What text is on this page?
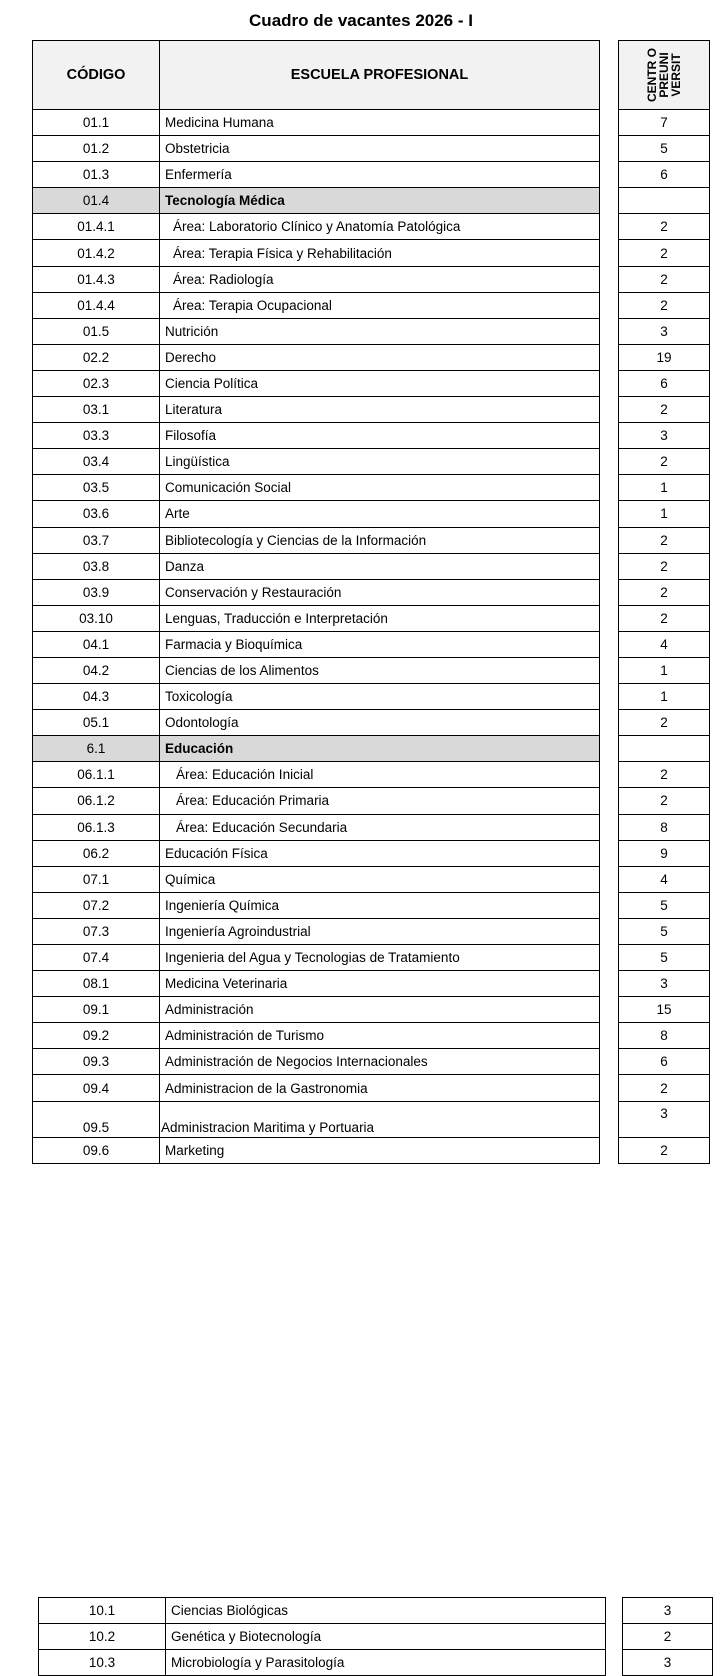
Cuadro de vacantes 2026 - I
CÓDIGO	ESCUELA PROFESIONAL		CENTR O PREUNI VERSIT

01.1	Medicina Humana		7
01.2	Obstetricia		5
01.3	Enfermería		6
01.4	Tecnología Médica		
01.4.1	Área: Laboratorio Clínico y Anatomía Patológica		2
01.4.2	Área: Terapia Física y Rehabilitación		2
01.4.3	Área: Radiología		2
01.4.4	Área: Terapia Ocupacional		2
01.5	Nutrición		3
02.2	Derecho		19
02.3	Ciencia Política		6
03.1	Literatura		2
03.3	Filosofía		3
03.4	Lingüística		2
03.5	Comunicación Social		1
03.6	Arte		1
03.7	Bibliotecología y Ciencias de la Información		2
03.8	Danza		2
03.9	Conservación y Restauración		2
03.10	Lenguas, Traducción e Interpretación		2
04.1	Farmacia y Bioquímica		4
04.2	Ciencias de los Alimentos		1
04.3	Toxicología		1
05.1	Odontología		2
6.1	Educación		
06.1.1	Área: Educación Inicial		2
06.1.2	Área: Educación Primaria		2
06.1.3	Área: Educación Secundaria		8
06.2	Educación Física		9
07.1	Química		4
07.2	Ingeniería Química		5
07.3	Ingeniería Agroindustrial		5
07.4	Ingenieria del Agua y Tecnologias de Tratamiento		5
08.1	Medicina Veterinaria		3
09.1	Administración		15
09.2	Administración de Turismo		8
09.3	Administración de Negocios Internacionales		6
09.4	Administracion de la Gastronomia		2
09.5	Administracion Maritima y Portuaria		3
09.6	Marketing		2
10.1	Ciencias Biológicas		3
10.2	Genética y Biotecnología		2
10.3	Microbiología y Parasitología		3
